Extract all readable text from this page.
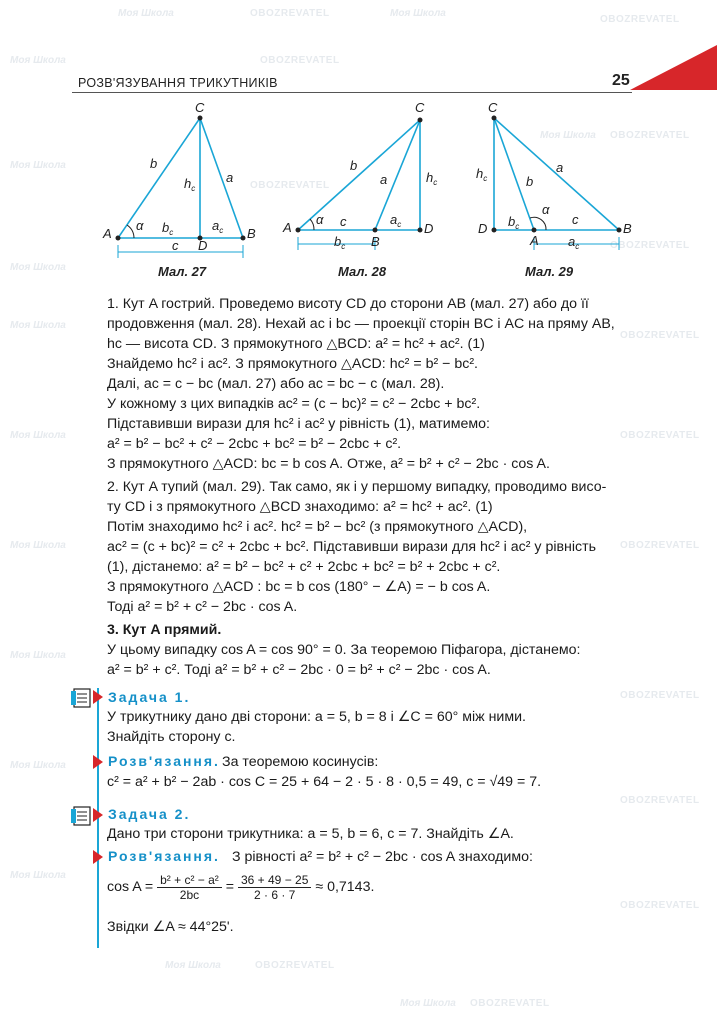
Моя Школа	OBOZREVATEL	Моя Школа
OBOZREVATEL
Моя Школа	OBOZREVATEL
Моя Школа OBOZREVATEL
Моя Школа
OBOZREVATEL
Моя Школа
OBOZREVATEL
Моя Школа
OBOZREVATEL
Моя Школа	OBOZREVATEL
Моя Школа	OBOZREVATEL
Моя Школа
OBOZREVATEL
Моя Школа
OBOZREVATEL
Моя Школа
OBOZREVATEL
Моя Школа	OBOZREVATEL
Моя Школа OBOZREVATEL
РОЗВ'ЯЗУВАННЯ ТРИКУТНИКІВ	25
C
b
$h_c$
a
α
A	$b_c$	$a_c$ B
c D
Мал. 27
C
b
a	$h_c$
α c	$a_c$
A
$b_c$ B
D
Мал. 28
C
$h_c$
a
b
α
c
D $b_c$
A $a_c$
B
Мал. 29
1. Кут A гострий. Проведемо висоту CD до сторони AB (мал. 27) або до її
продовження (мал. 28). Нехай ac і bc — проекції сторін BC і AC на пряму AB,
hc — висота CD. З прямокутного △BCD: a² = hc² + ac². (1)
Знайдемо hc² і ac². З прямокутного △ACD: hc² = b² − bc².
Далі, ac = c − bc (мал. 27) або ac = bc − c (мал. 28).
У кожному з цих випадків ac² = (c − bc)² = c² − 2cbc + bc².
Підставивши вирази для hc² і ac² у рівність (1), матимемо:
a² = b² − bc² + c² − 2cbc + bc² = b² − 2cbc + c².
З прямокутного △ACD: bc = b cos A. Отже, a² = b² + c² − 2bc · cos A.
2. Кут A тупий (мал. 29). Так само, як і у першому випадку, проводимо висо-
ту CD і з прямокутного △BCD знаходимо: a² = hc² + ac². (1)
Потім знаходимо hc² і ac². hc² = b² − bc² (з прямокутного △ACD),
ac² = (c + bc)² = c² + 2cbc + bc². Підставивши вирази для hc² і ac² у рівність
(1), дістанемо: a² = b² − bc² + c² + 2cbc + bc² = b² + 2cbc + c².
З прямокутного △ACD : bc = b cos (180° − ∠A) = − b cos A.
Тоді a² = b² + c² − 2bc · cos A.
3. Кут A прямий.
У цьому випадку cos A = cos 90° = 0. За теоремою Піфагора, дістанемо:
a² = b² + c². Тоді a² = b² + c² − 2bc · 0 = b² + c² − 2bc · cos A.
Задача 1.
У трикутнику дано дві сторони: a = 5, b = 8 і ∠C = 60° між ними.
Знайдіть сторону c.
Розв'язання. За теоремою косинусів:
c² = a² + b² − 2ab · cos C = 25 + 64 − 2 · 5 · 8 · 0,5 = 49, c = √49 = 7.
Задача 2.
Дано три сторони трикутника: a = 5, b = 6, c = 7. Знайдіть ∠A.
Розв'язання. З рівності a² = b² + c² − 2bc · cos A знаходимо:
$\cos A = \frac{\text{b² + c² − a²}}{2bc} = \frac{36 + 49 - 25}{2 \cdot 6 \cdot 7} \approx 0,7143$.
Звідки ∠A ≈ 44°25'.
